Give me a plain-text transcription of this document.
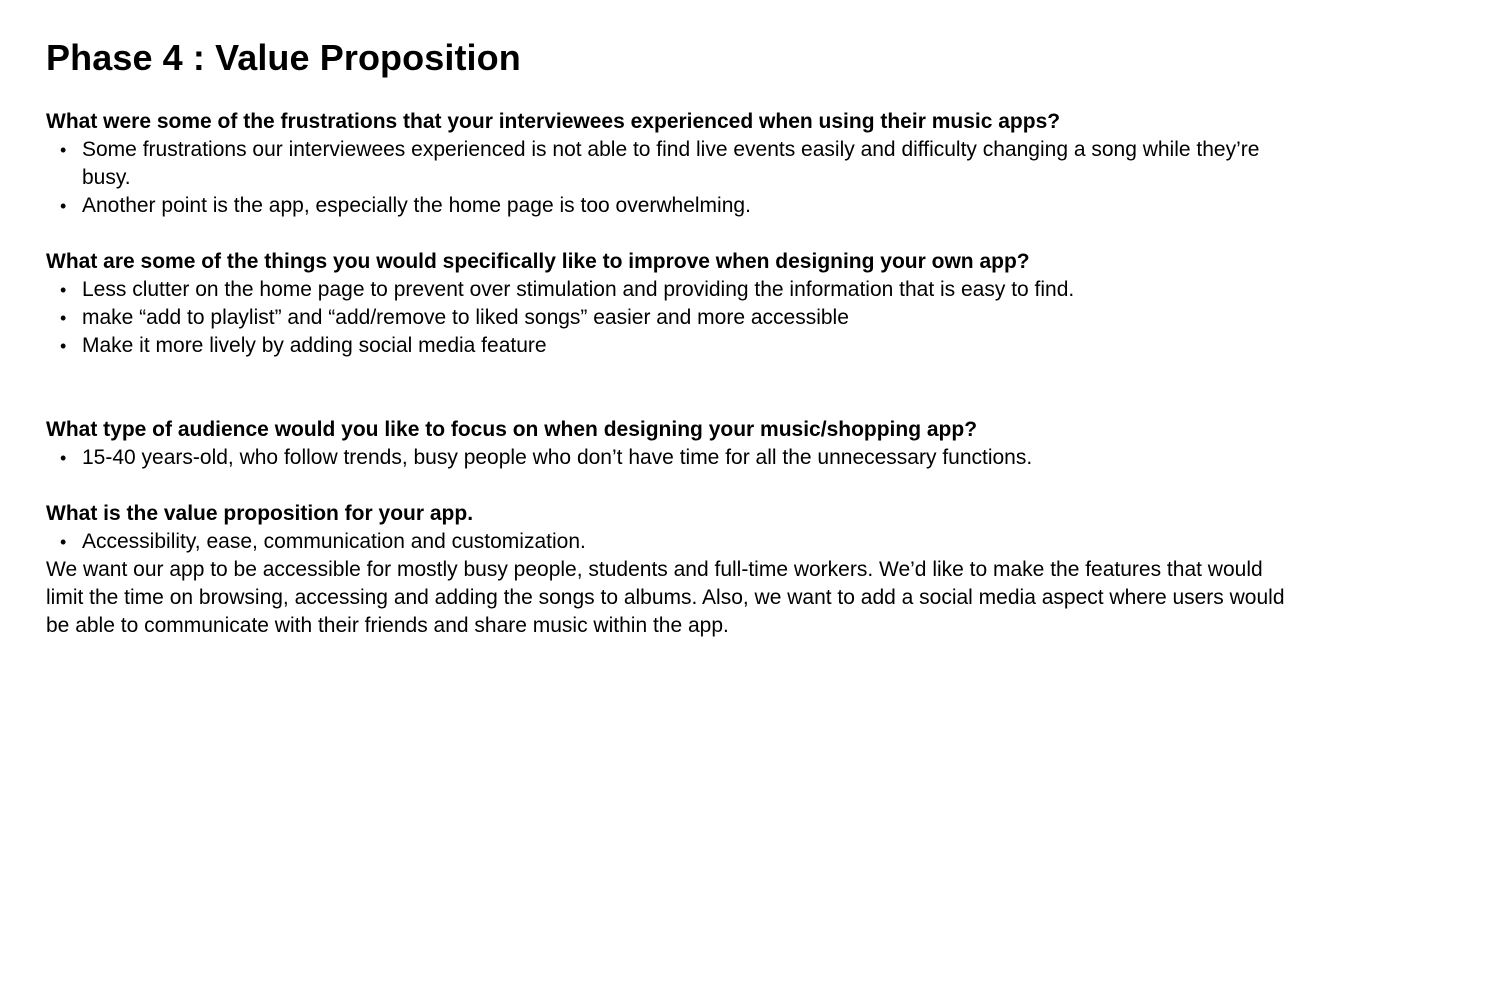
Phase 4 : Value Proposition

What were some of the frustrations that your interviewees experienced when using their music apps?

• Some frustrations our interviewees experienced is not able to find live events easily and difficulty changing a song while they’re busy.
• Another point is the app, especially the home page is too overwhelming.

What are some of the things you would specifically like to improve when designing your own app?

• Less clutter on the home page to prevent over stimulation and providing the information that is easy to find.
• make “add to playlist” and “add/remove to liked songs” easier and more accessible
• Make it more lively by adding social media feature

What type of audience would you like to focus on when designing your music/shopping app?

• 15-40 years-old, who follow trends, busy people who don’t have time for all the unnecessary functions.

What is the value proposition for your app.

• Accessibility, ease, communication and customization.

We want our app to be accessible for mostly busy people, students and full-time workers. We’d like to make the features that would limit the time on browsing, accessing and adding the songs to albums. Also, we want to add a social media aspect where users would be able to communicate with their friends and share music within the app.
